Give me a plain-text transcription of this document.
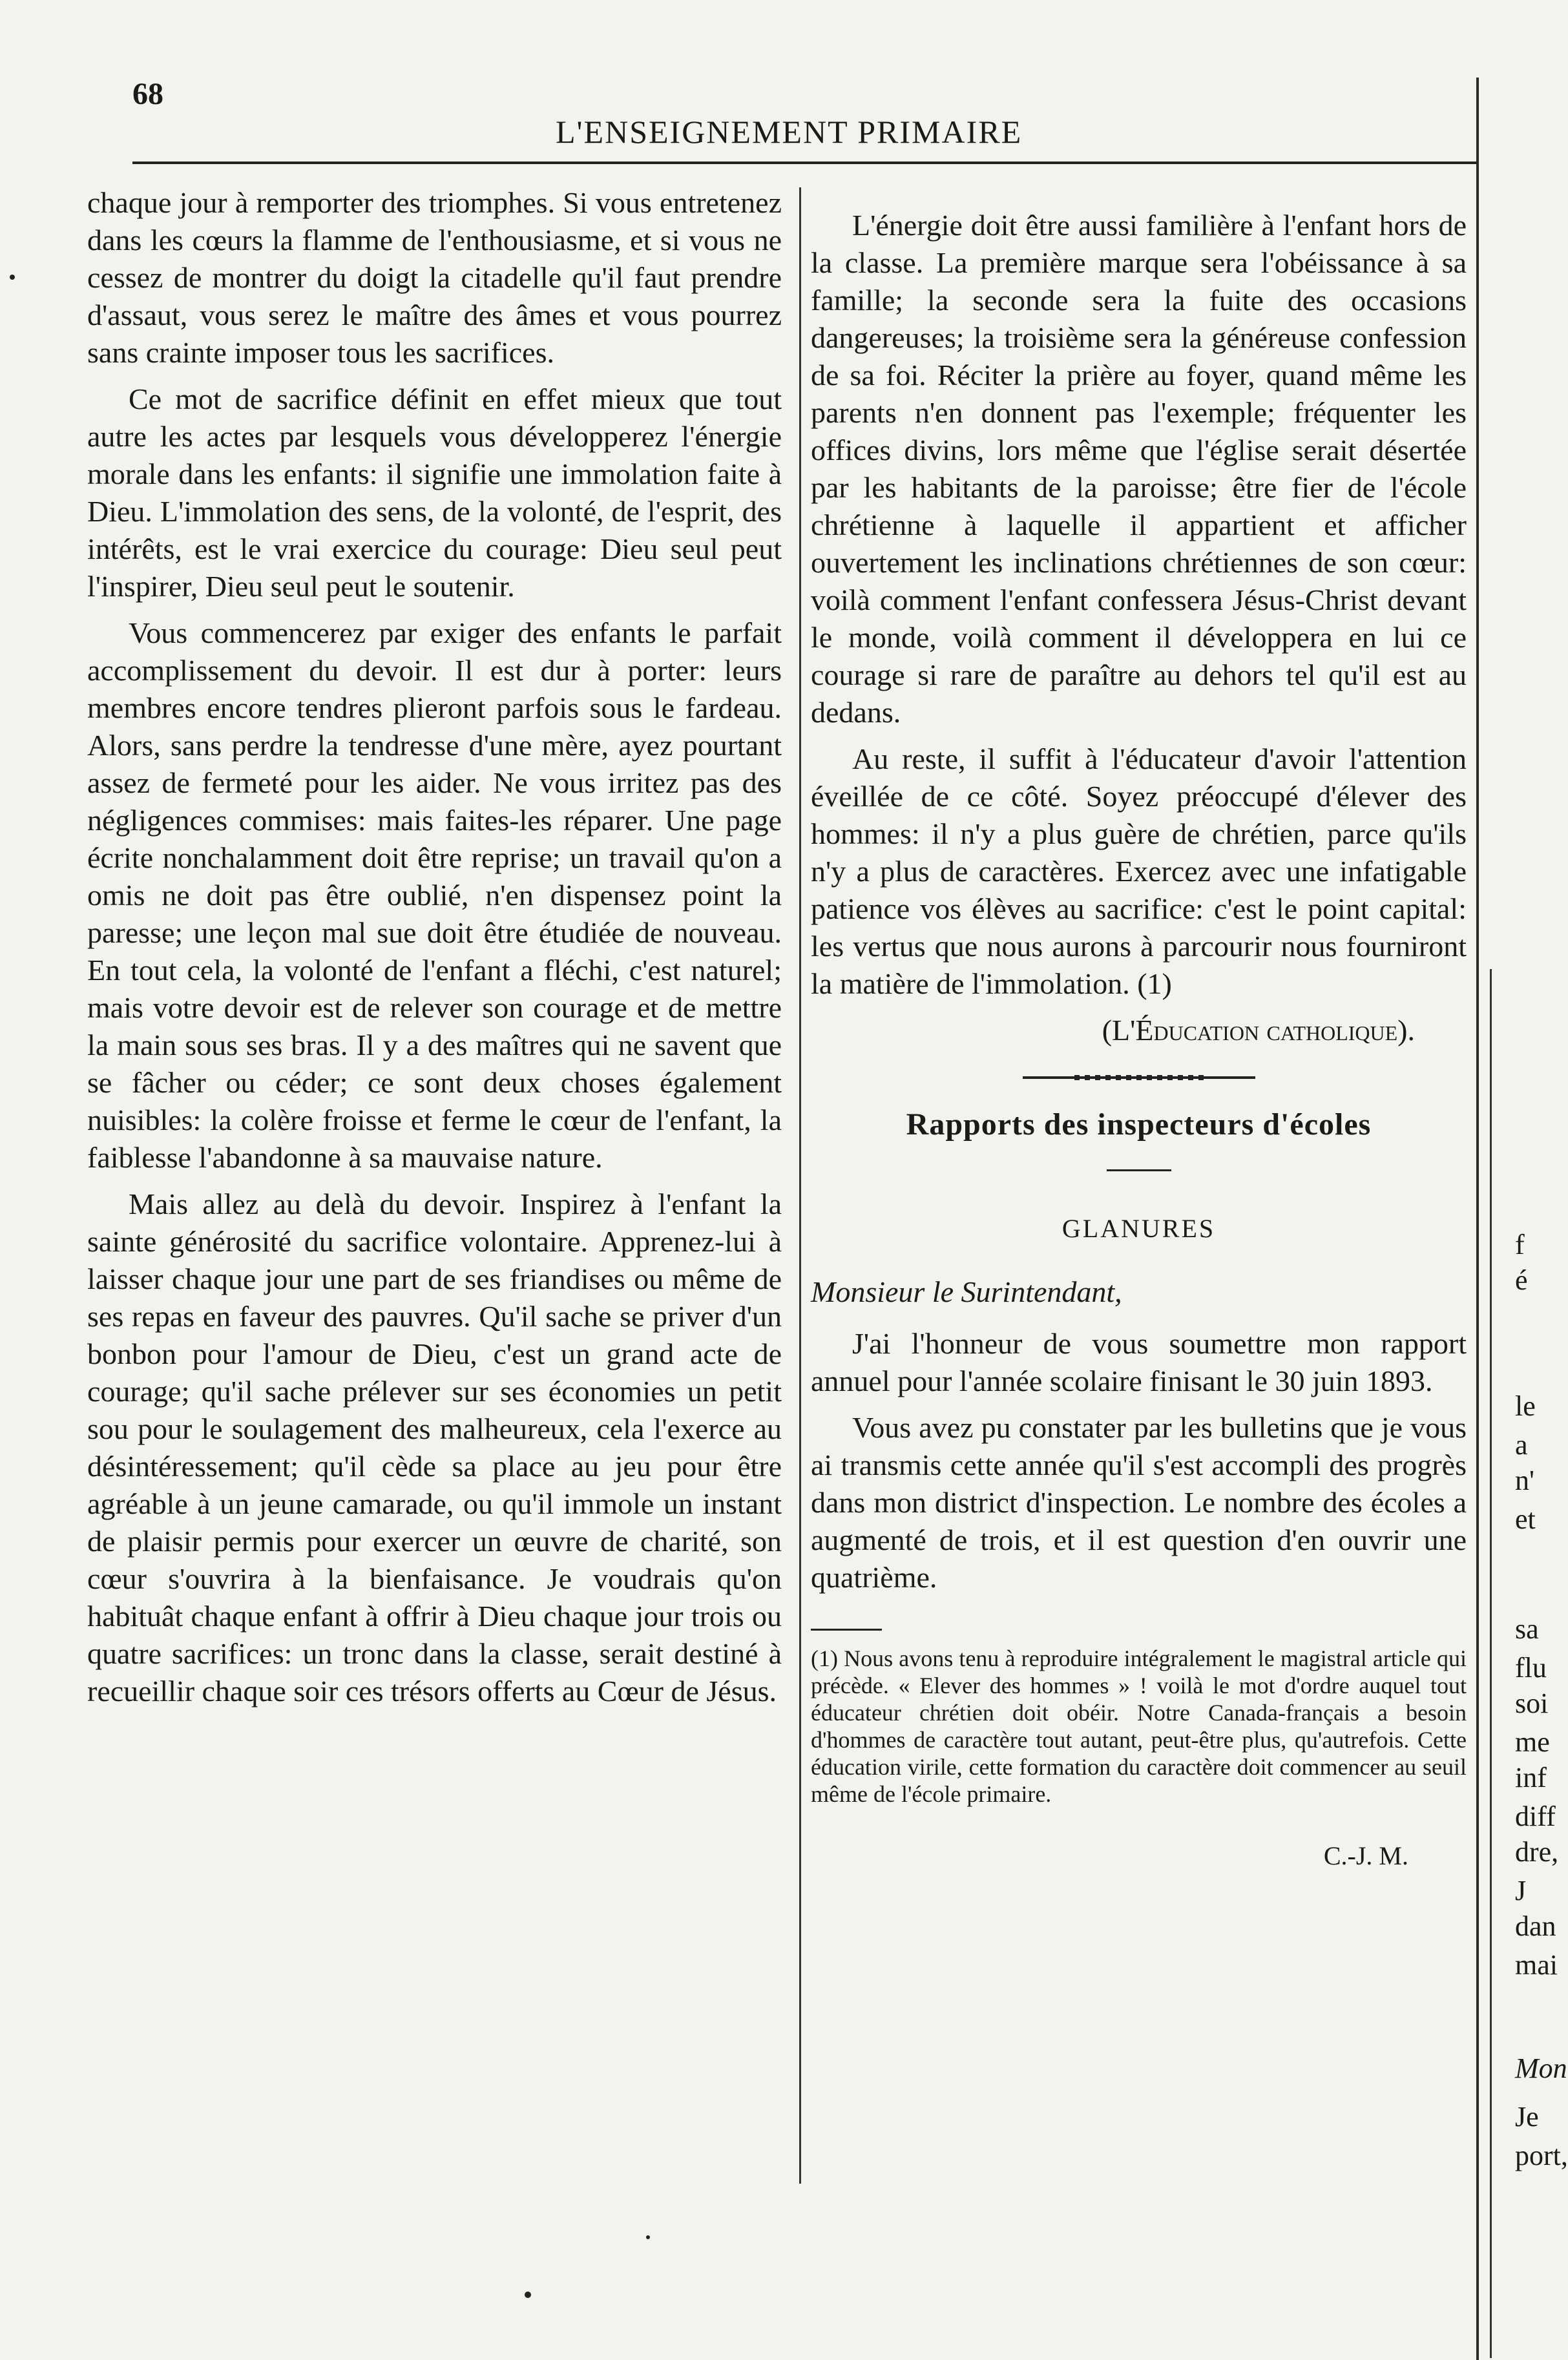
68
L'ENSEIGNEMENT PRIMAIRE

chaque jour à remporter des triomphes. Si vous entretenez dans les cœurs la flamme de l'enthousiasme, et si vous ne cessez de montrer du doigt la citadelle qu'il faut prendre d'assaut, vous serez le maître des âmes et vous pourrez sans crainte imposer tous les sacrifices.

Ce mot de sacrifice définit en effet mieux que tout autre les actes par lesquels vous développerez l'énergie morale dans les enfants: il signifie une immolation faite à Dieu. L'immolation des sens, de la volonté, de l'esprit, des intérêts, est le vrai exercice du courage: Dieu seul peut l'inspirer, Dieu seul peut le soutenir.

Vous commencerez par exiger des enfants le parfait accomplissement du devoir. Il est dur à porter: leurs membres encore tendres plieront parfois sous le fardeau. Alors, sans perdre la tendresse d'une mère, ayez pourtant assez de fermeté pour les aider. Ne vous irritez pas des négligences commises: mais faites-les réparer. Une page écrite nonchalamment doit être reprise; un travail qu'on a omis ne doit pas être oublié, n'en dispensez point la paresse; une leçon mal sue doit être étudiée de nouveau. En tout cela, la volonté de l'enfant a fléchi, c'est naturel; mais votre devoir est de relever son courage et de mettre la main sous ses bras. Il y a des maîtres qui ne savent que se fâcher ou céder; ce sont deux choses également nuisibles: la colère froisse et ferme le cœur de l'enfant, la faiblesse l'abandonne à sa mauvaise nature.

Mais allez au delà du devoir. Inspirez à l'enfant la sainte générosité du sacrifice volontaire. Apprenez-lui à laisser chaque jour une part de ses friandises ou même de ses repas en faveur des pauvres. Qu'il sache se priver d'un bonbon pour l'amour de Dieu, c'est un grand acte de courage; qu'il sache prélever sur ses économies un petit sou pour le soulagement des malheureux, cela l'exerce au désintéressement; qu'il cède sa place au jeu pour être agréable à un jeune camarade, ou qu'il immole un instant de plaisir permis pour exercer un œuvre de charité, son cœur s'ouvrira à la bienfaisance. Je voudrais qu'on habituât chaque enfant à offrir à Dieu chaque jour trois ou quatre sacrifices: un tronc dans la classe, serait destiné à recueillir chaque soir ces trésors offerts au Cœur de Jésus.

L'énergie doit être aussi familière à l'enfant hors de la classe. La première marque sera l'obéissance à sa famille; la seconde sera la fuite des occasions dangereuses; la troisième sera la généreuse confession de sa foi. Réciter la prière au foyer, quand même les parents n'en donnent pas l'exemple; fréquenter les offices divins, lors même que l'église serait désertée par les habitants de la paroisse; être fier de l'école chrétienne à laquelle il appartient et afficher ouvertement les inclinations chrétiennes de son cœur: voilà comment l'enfant confessera Jésus-Christ devant le monde, voilà comment il développera en lui ce courage si rare de paraître au dehors tel qu'il est au dedans.

Au reste, il suffit à l'éducateur d'avoir l'attention éveillée de ce côté. Soyez préoccupé d'élever des hommes: il n'y a plus guère de chrétien, parce qu'ils n'y a plus de caractères. Exercez avec une infatigable patience vos élèves au sacrifice: c'est le point capital: les vertus que nous aurons à parcourir nous fourniront la matière de l'immolation. (1)

(L'Éducation catholique).
Rapports des inspecteurs d'écoles
GLANURES
Monsieur le Surintendant,

J'ai l'honneur de vous soumettre mon rapport annuel pour l'année scolaire finisant le 30 juin 1893.

Vous avez pu constater par les bulletins que je vous ai transmis cette année qu'il s'est accompli des progrès dans mon district d'inspection. Le nombre des écoles a augmenté de trois, et il est question d'en ouvrir une quatrième.

(1) Nous avons tenu à reproduire intégralement le magistral article qui précède. « Elever des hommes » ! voilà le mot d'ordre auquel tout éducateur chrétien doit obéir. Notre Canada-français a besoin d'hommes de caractère tout autant, peut-être plus, qu'autrefois. Cette éducation virile, cette formation du caractère doit commencer au seuil même de l'école primaire.
C.-J. M.
f
é
le
a
n'
et
sa
flu
soi
me
inf
diff
dre,
J
dan
mai
Mon
Je
port,
